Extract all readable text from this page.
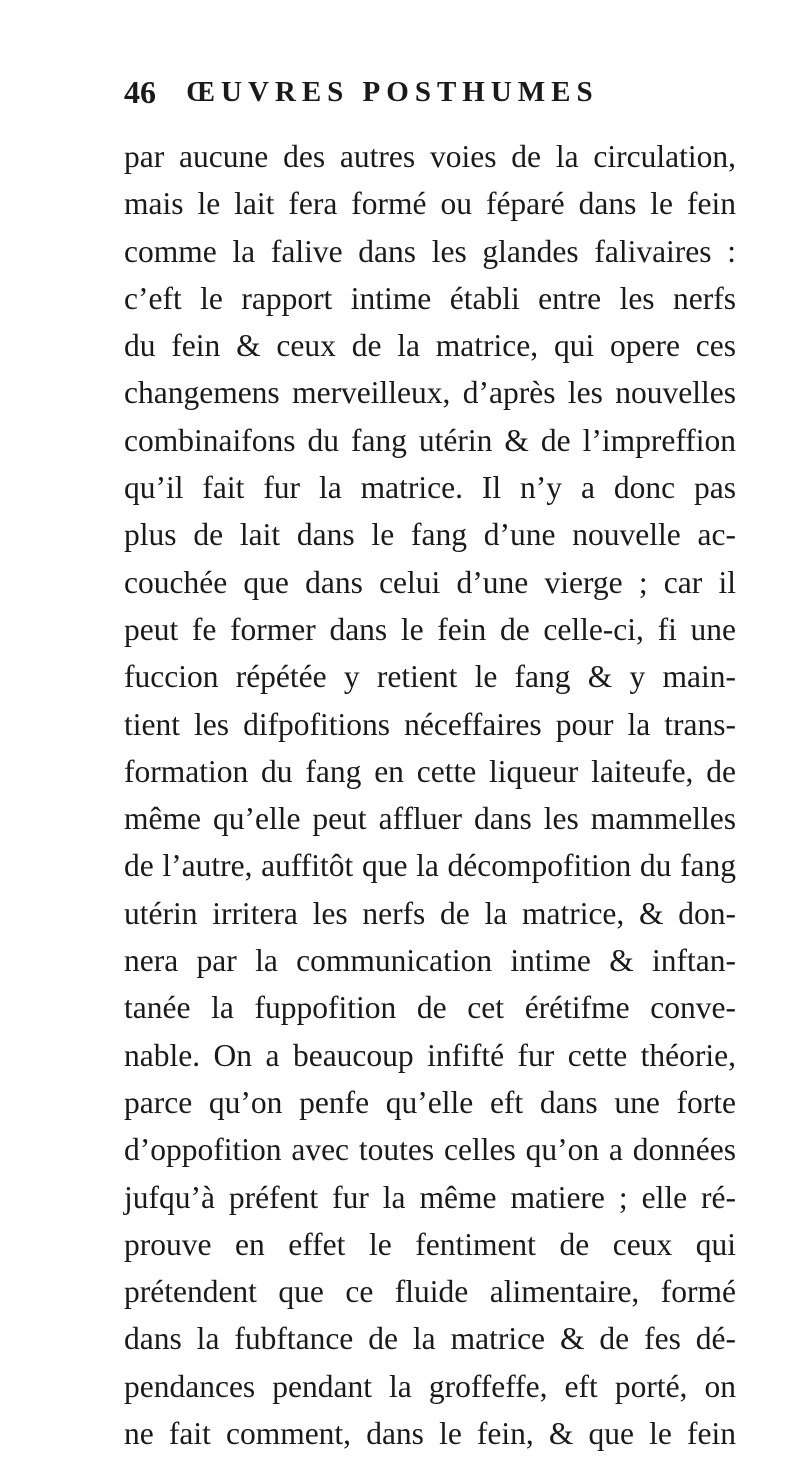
46 ŒUVRES POSTHUMES
par aucune des autres voies de la circulation,
mais le lait fera formé ou féparé dans le fein
comme la falive dans les glandes falivaires :
c’eft le rapport intime établi entre les nerfs
du fein & ceux de la matrice, qui opere ces
changemens merveilleux, d’après les nouvelles
combinaifons du fang utérin & de l’impreffion
qu’il fait fur la matrice. Il n’y a donc pas
plus de lait dans le fang d’une nouvelle ac-
couchée que dans celui d’une vierge ; car il
peut fe former dans le fein de celle-ci, fi une
fuccion répétée y retient le fang & y main-
tient les difpofitions néceffaires pour la trans-
formation du fang en cette liqueur laiteufe, de
même qu’elle peut affluer dans les mammelles
de l’autre, auffitôt que la décompofition du fang
utérin irritera les nerfs de la matrice, & don-
nera par la communication intime & inftan-
tanée la fuppofition de cet érétifme conve-
nable. On a beaucoup infifté fur cette théorie,
parce qu’on penfe qu’elle eft dans une forte
d’oppofition avec toutes celles qu’on a données
jufqu’à préfent fur la même matiere ; elle ré-
prouve en effet le fentiment de ceux qui
prétendent que ce fluide alimentaire, formé
dans la fubftance de la matrice & de fes dé-
pendances pendant la groffeffe, eft porté, on
ne fait comment, dans le fein, & que le fein
